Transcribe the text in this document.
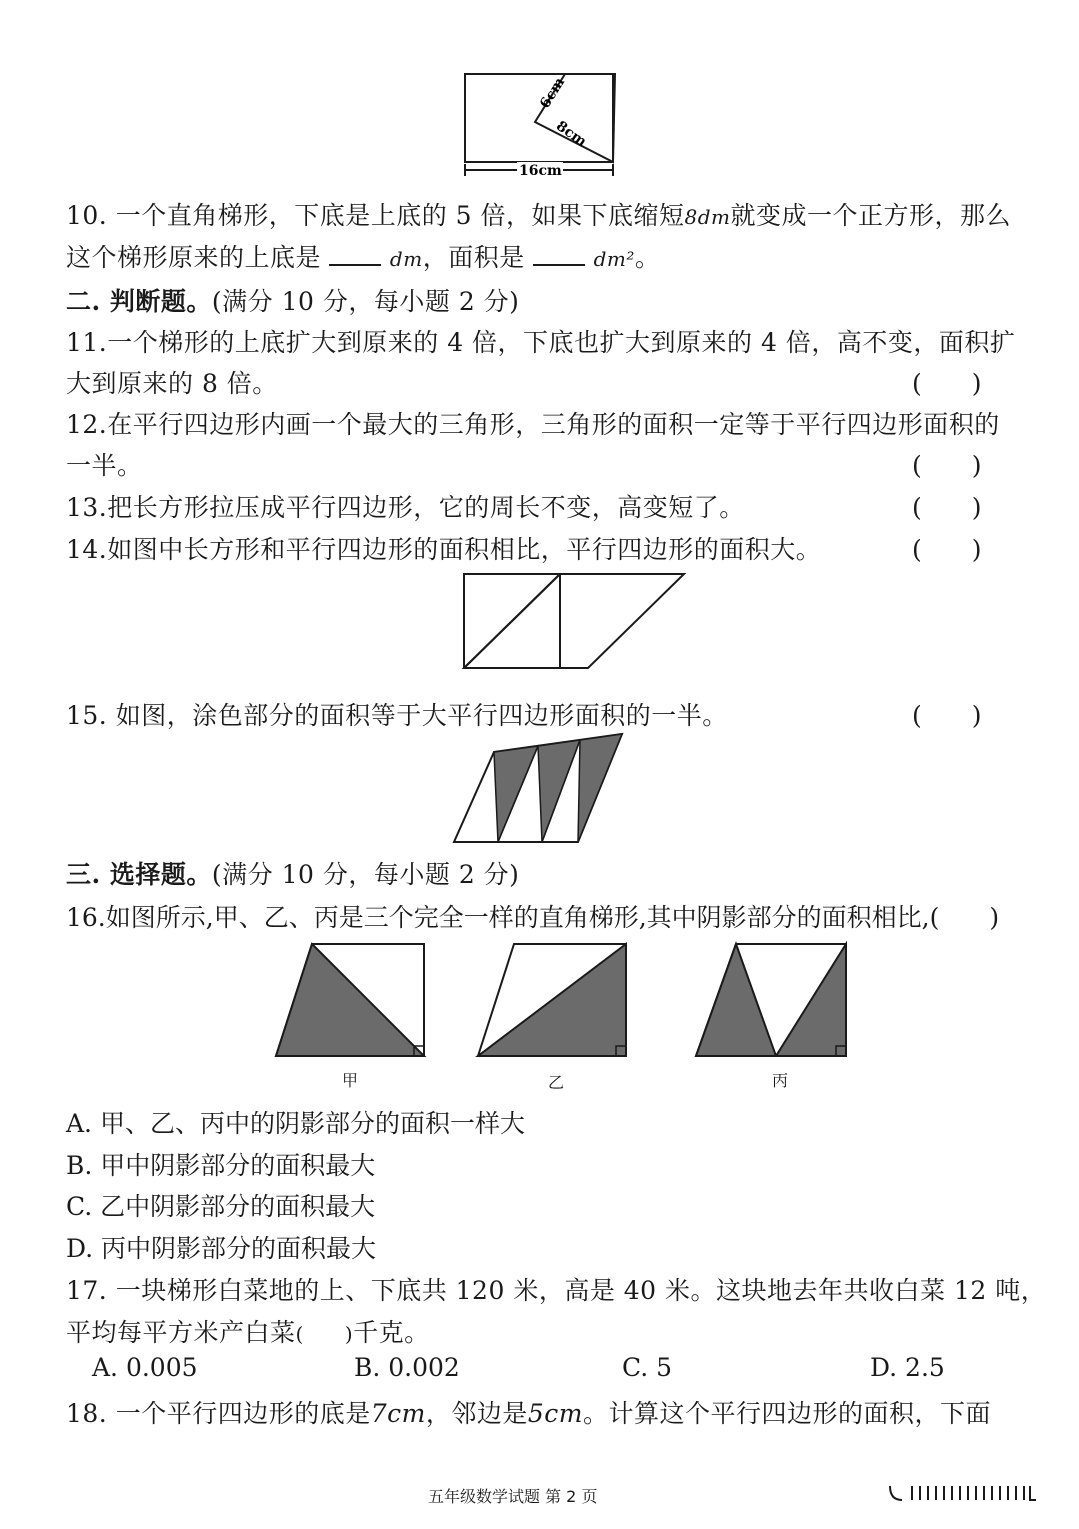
6cm
8cm
16cm
10. 一个直角梯形，下底是上底的 5 倍，如果下底缩短8dm就变成一个正方形，那么
这个梯形原来的上底是	dm，面积是	dm²。
二. 判断题。(满分 10 分，每小题 2 分)
11.一个梯形的上底扩大到原来的 4 倍，下底也扩大到原来的 4 倍，高不变，面积扩
大到原来的 8 倍。	(　　)
12.在平行四边形内画一个最大的三角形，三角形的面积一定等于平行四边形面积的
一半。	(　　)
13.把长方形拉压成平行四边形，它的周长不变，高变短了。	(　　)
14.如图中长方形和平行四边形的面积相比，平行四边形的面积大。	(　　)
15. 如图，涂色部分的面积等于大平行四边形面积的一半。	(　　)
三. 选择题。(满分 10 分，每小题 2 分)
16.如图所示,甲、乙、丙是三个完全一样的直角梯形,其中阴影部分的面积相比,(　　)
甲	乙	丙
A. 甲、乙、丙中的阴影部分的面积一样大
B. 甲中阴影部分的面积最大
C. 乙中阴影部分的面积最大
D. 丙中阴影部分的面积最大
17. 一块梯形白菜地的上、下底共 120 米，高是 40 米。这块地去年共收白菜 12 吨，
平均每平方米产白菜(　　)千克。
A. 0.005	B. 0.002	C. 5	D. 2.5
18. 一个平行四边形的底是7cm，邻边是5cm。计算这个平行四边形的面积，下面
五年级数学试题 第 2 页
